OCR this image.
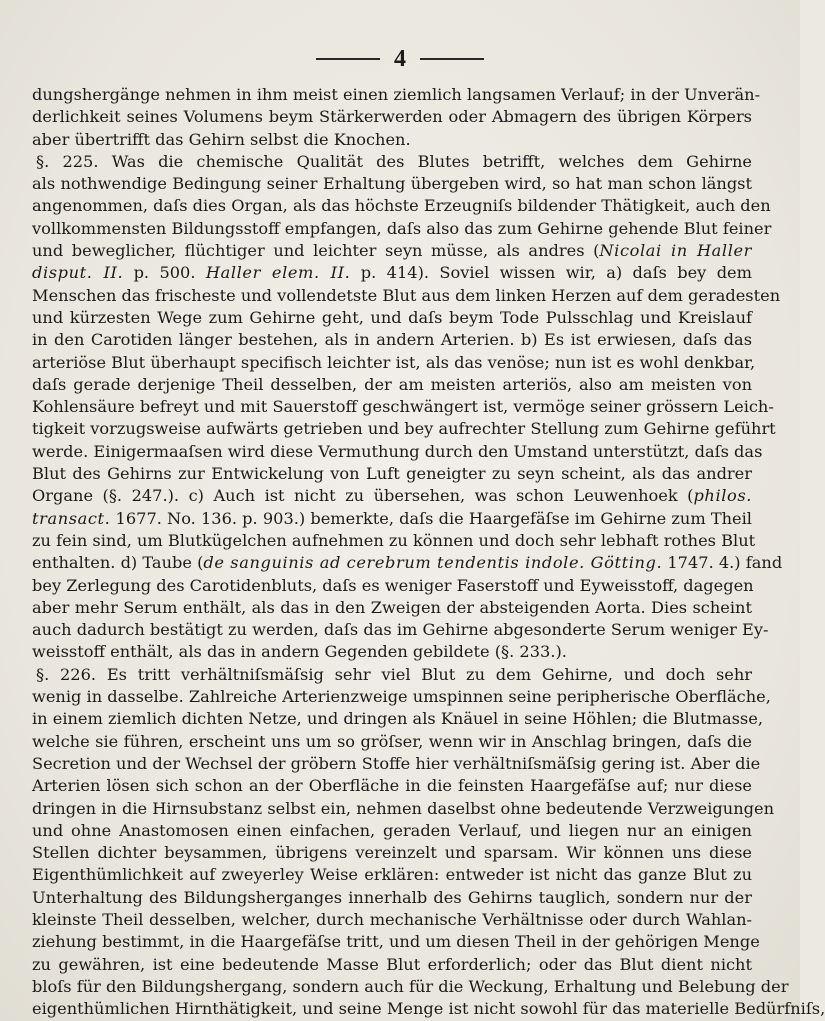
4
dungshergänge nehmen in ihm meist einen ziemlich langsamen Verlauf; in der Unverän-
derlichkeit seines Volumens beym Stärkerwerden oder Abmagern des übrigen Körpers
aber übertrifft das Gehirn selbst die Knochen.
§. 225. Was die chemische Qualität des Blutes betrifft, welches dem Gehirne
als nothwendige Bedingung seiner Erhaltung übergeben wird, so hat man schon längst
angenommen, daſs dies Organ, als das höchste Erzeugniſs bildender Thätigkeit, auch den
vollkommensten Bildungsstoff empfangen, daſs also das zum Gehirne gehende Blut feiner
und beweglicher, flüchtiger und leichter seyn müsse, als andres (Nicolai in Haller
disput. II. p. 500. Haller elem. II. p. 414). Soviel wissen wir, a) daſs bey dem
Menschen das frischeste und vollendetste Blut aus dem linken Herzen auf dem geradesten
und kürzesten Wege zum Gehirne geht, und daſs beym Tode Pulsschlag und Kreislauf
in den Carotiden länger bestehen, als in andern Arterien. b) Es ist erwiesen, daſs das
arteriöse Blut überhaupt specifisch leichter ist, als das venöse; nun ist es wohl denkbar,
daſs gerade derjenige Theil desselben, der am meisten arteriös, also am meisten von
Kohlensäure befreyt und mit Sauerstoff geschwängert ist, vermöge seiner grössern Leich-
tigkeit vorzugsweise aufwärts getrieben und bey aufrechter Stellung zum Gehirne geführt
werde. Einigermaaſsen wird diese Vermuthung durch den Umstand unterstützt, daſs das
Blut des Gehirns zur Entwickelung von Luft geneigter zu seyn scheint, als das andrer
Organe (§. 247.). c) Auch ist nicht zu übersehen, was schon Leuwenhoek (philos.
transact. 1677. No. 136. p. 903.) bemerkte, daſs die Haargefäſse im Gehirne zum Theil
zu fein sind, um Blutkügelchen aufnehmen zu können und doch sehr lebhaft rothes Blut
enthalten. d) Taube (de sanguinis ad cerebrum tendentis indole. Götting. 1747. 4.) fand
bey Zerlegung des Carotidenbluts, daſs es weniger Faserstoff und Eyweisstoff, dagegen
aber mehr Serum enthält, als das in den Zweigen der absteigenden Aorta. Dies scheint
auch dadurch bestätigt zu werden, daſs das im Gehirne abgesonderte Serum weniger Ey-
weisstoff enthält, als das in andern Gegenden gebildete (§. 233.).
§. 226. Es tritt verhältniſsmäſsig sehr viel Blut zu dem Gehirne, und doch sehr
wenig in dasselbe. Zahlreiche Arterienzweige umspinnen seine peripherische Oberfläche,
in einem ziemlich dichten Netze, und dringen als Knäuel in seine Höhlen; die Blutmasse,
welche sie führen, erscheint uns um so gröſser, wenn wir in Anschlag bringen, daſs die
Secretion und der Wechsel der gröbern Stoffe hier verhältniſsmäſsig gering ist. Aber die
Arterien lösen sich schon an der Oberfläche in die feinsten Haargefäſse auf; nur diese
dringen in die Hirnsubstanz selbst ein, nehmen daselbst ohne bedeutende Verzweigungen
und ohne Anastomosen einen einfachen, geraden Verlauf, und liegen nur an einigen
Stellen dichter beysammen, übrigens vereinzelt und sparsam. Wir können uns diese
Eigenthümlichkeit auf zweyerley Weise erklären: entweder ist nicht das ganze Blut zu
Unterhaltung des Bildungsherganges innerhalb des Gehirns tauglich, sondern nur der
kleinste Theil desselben, welcher, durch mechanische Verhältnisse oder durch Wahlan-
ziehung bestimmt, in die Haargefäſse tritt, und um diesen Theil in der gehörigen Menge
zu gewähren, ist eine bedeutende Masse Blut erforderlich; oder das Blut dient nicht
bloſs für den Bildungshergang, sondern auch für die Weckung, Erhaltung und Belebung der
eigenthümlichen Hirnthätigkeit, und seine Menge ist nicht sowohl für das materielle Bedürfniſs,
